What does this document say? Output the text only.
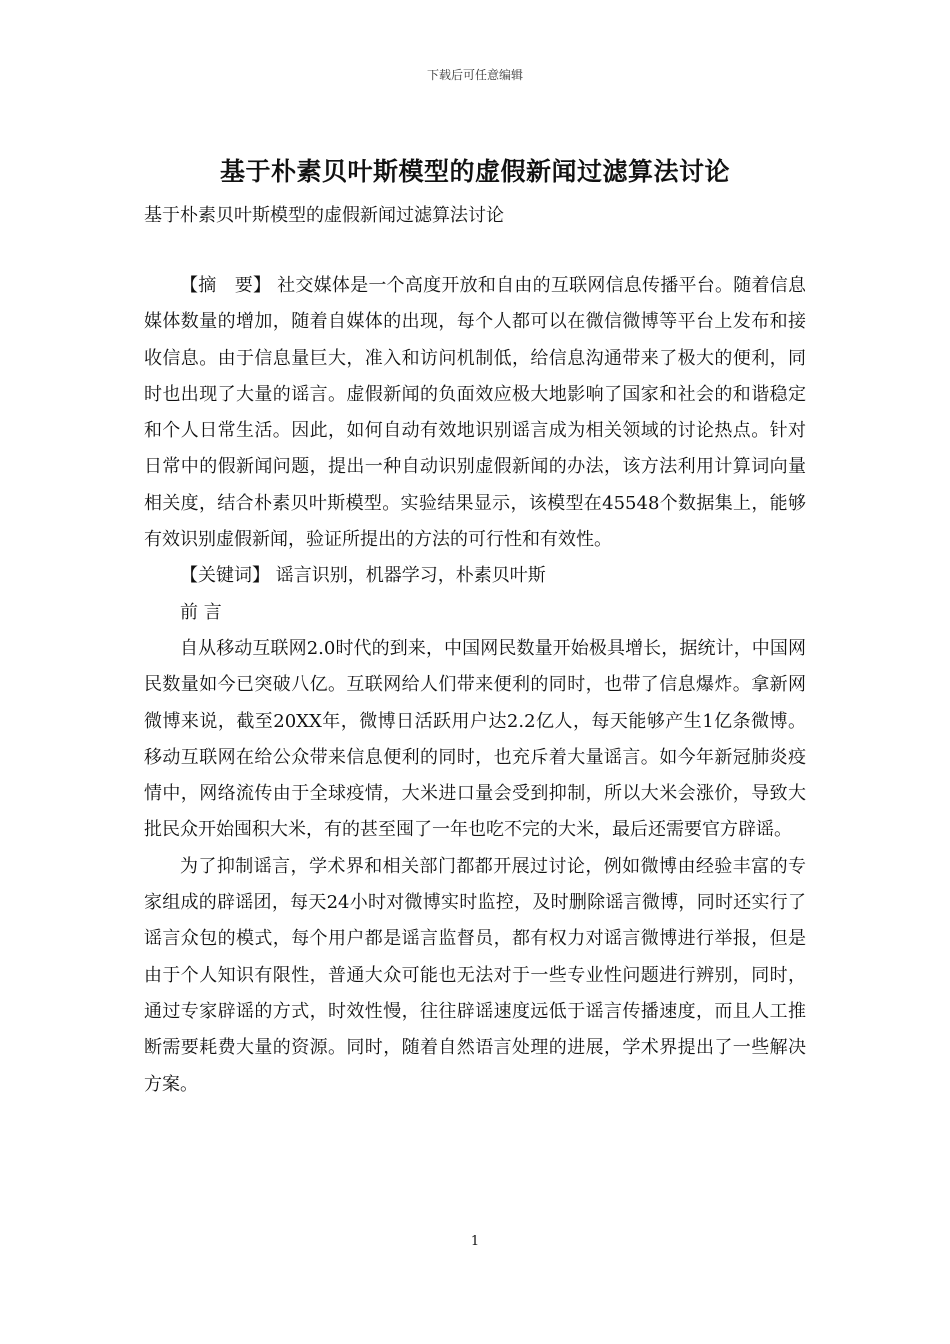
下载后可任意编辑
基于朴素贝叶斯模型的虚假新闻过滤算法讨论
基于朴素贝叶斯模型的虚假新闻过滤算法讨论

【摘　要】 社交媒体是一个高度开放和自由的互联网信息传播平台。随着信息媒体数量的增加，随着自媒体的出现，每个人都可以在微信微博等平台上发布和接收信息。由于信息量巨大，准入和访问机制低，给信息沟通带来了极大的便利，同时也出现了大量的谣言。虚假新闻的负面效应极大地影响了国家和社会的和谐稳定和个人日常生活。因此，如何自动有效地识别谣言成为相关领域的讨论热点。针对日常中的假新闻问题，提出一种自动识别虚假新闻的办法，该方法利用计算词向量相关度，结合朴素贝叶斯模型。实验结果显示，该模型在45548个数据集上，能够有效识别虚假新闻，验证所提出的方法的可行性和有效性。

【关键词】 谣言识别，机器学习，朴素贝叶斯

前 言

自从移动互联网2.0时代的到来，中国网民数量开始极具增长，据统计，中国网民数量如今已突破八亿。互联网给人们带来便利的同时，也带了信息爆炸。拿新网微博来说，截至20XX年，微博日活跃用户达2.2亿人，每天能够产生1亿条微博。移动互联网在给公众带来信息便利的同时，也充斥着大量谣言。如今年新冠肺炎疫情中，网络流传由于全球疫情，大米进口量会受到抑制，所以大米会涨价，导致大批民众开始囤积大米，有的甚至囤了一年也吃不完的大米，最后还需要官方辟谣。

为了抑制谣言，学术界和相关部门都都开展过讨论，例如微博由经验丰富的专家组成的辟谣团，每天24小时对微博实时监控，及时删除谣言微博，同时还实行了谣言众包的模式，每个用户都是谣言监督员，都有权力对谣言微博进行举报，但是由于个人知识有限性，普通大众可能也无法对于一些专业性问题进行辨别，同时，通过专家辟谣的方式，时效性慢，往往辟谣速度远低于谣言传播速度，而且人工推断需要耗费大量的资源。同时，随着自然语言处理的进展，学术界提出了一些解决方案。

1
